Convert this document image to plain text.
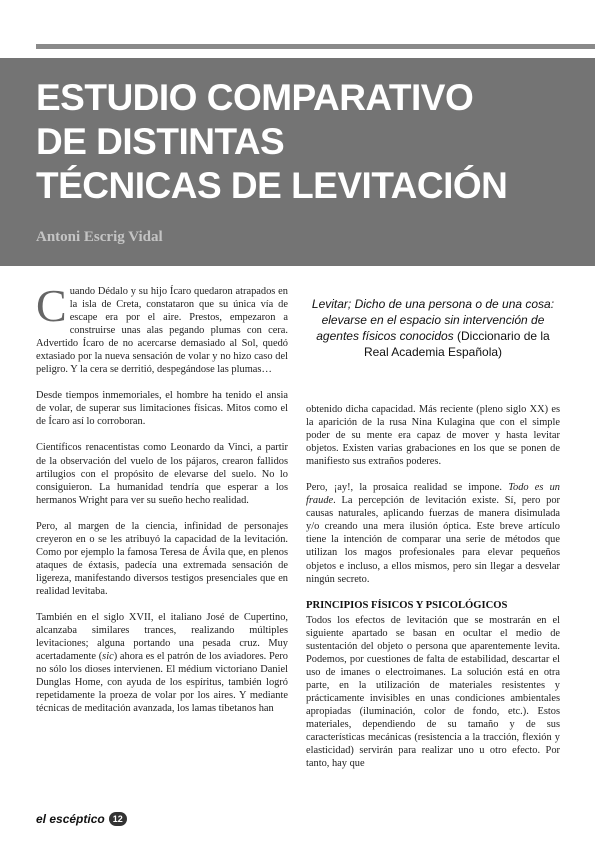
ESTUDIO COMPARATIVO
DE DISTINTAS
TÉCNICAS DE LEVITACIÓN

Antoni Escrig Vidal

Cuando Dédalo y su hijo Ícaro quedaron atrapados en la isla de Creta, constataron que su única vía de escape era por el aire. Prestos, empezaron a construirse unas alas pegando plumas con cera. Advertido Ícaro de no acercarse demasiado al Sol, quedó extasiado por la nueva sensación de volar y no hizo caso del peligro. Y la cera se derritió, despegándose las plumas…

Desde tiempos inmemoriales, el hombre ha tenido el ansia de volar, de superar sus limitaciones físicas. Mitos como el de Ícaro así lo corroboran.

Científicos renacentistas como Leonardo da Vinci, a partir de la observación del vuelo de los pájaros, crearon fallidos artilugios con el propósito de elevarse del suelo. No lo consiguieron. La humanidad tendría que esperar a los hermanos Wright para ver su sueño hecho realidad.

Pero, al margen de la ciencia, infinidad de personajes creyeron en o se les atribuyó la capacidad de la levitación. Como por ejemplo la famosa Teresa de Ávila que, en plenos ataques de éxtasis, padecía una extremada sensación de ligereza, manifestando diversos testigos presenciales que en realidad levitaba.

También en el siglo XVII, el italiano José de Cupertino, alcanzaba similares trances, realizando múltiples levitaciones; alguna portando una pesada cruz. Muy acertadamente (sic) ahora es el patrón de los aviadores. Pero no sólo los dioses intervienen. El médium victoriano Daniel Dunglas Home, con ayuda de los espíritus, también logró repetidamente la proeza de volar por los aires. Y mediante técnicas de meditación avanzada, los lamas tibetanos han

Levitar; Dicho de una persona o de una cosa: elevarse en el espacio sin intervención de agentes físicos conocidos (Diccionario de la Real Academia Española)

obtenido dicha capacidad. Más reciente (pleno siglo XX) es la aparición de la rusa Nina Kulagina que con el simple poder de su mente era capaz de mover y hasta levitar objetos. Existen varias grabaciones en los que se ponen de manifiesto sus extraños poderes.

Pero, ¡ay!, la prosaica realidad se impone. Todo es un fraude. La percepción de levitación existe. Sí, pero por causas naturales, aplicando fuerzas de manera disimulada y/o creando una mera ilusión óptica. Este breve artículo tiene la intención de comparar una serie de métodos que utilizan los magos profesionales para elevar pequeños objetos e incluso, a ellos mismos, pero sin llegar a desvelar ningún secreto.

PRINCIPIOS FÍSICOS Y PSICOLÓGICOS

Todos los efectos de levitación que se mostrarán en el siguiente apartado se basan en ocultar el medio de sustentación del objeto o persona que aparentemente levita. Podemos, por cuestiones de falta de estabilidad, descartar el uso de imanes o electroimanes. La solución está en otra parte, en la utilización de materiales resistentes y prácticamente invisibles en unas condiciones ambientales apropiadas (iluminación, color de fondo, etc.). Estos materiales, dependiendo de su tamaño y de sus características mecánicas (resistencia a la tracción, flexión y elasticidad) servirán para realizar uno u otro efecto. Por tanto, hay que

el escéptico 12
